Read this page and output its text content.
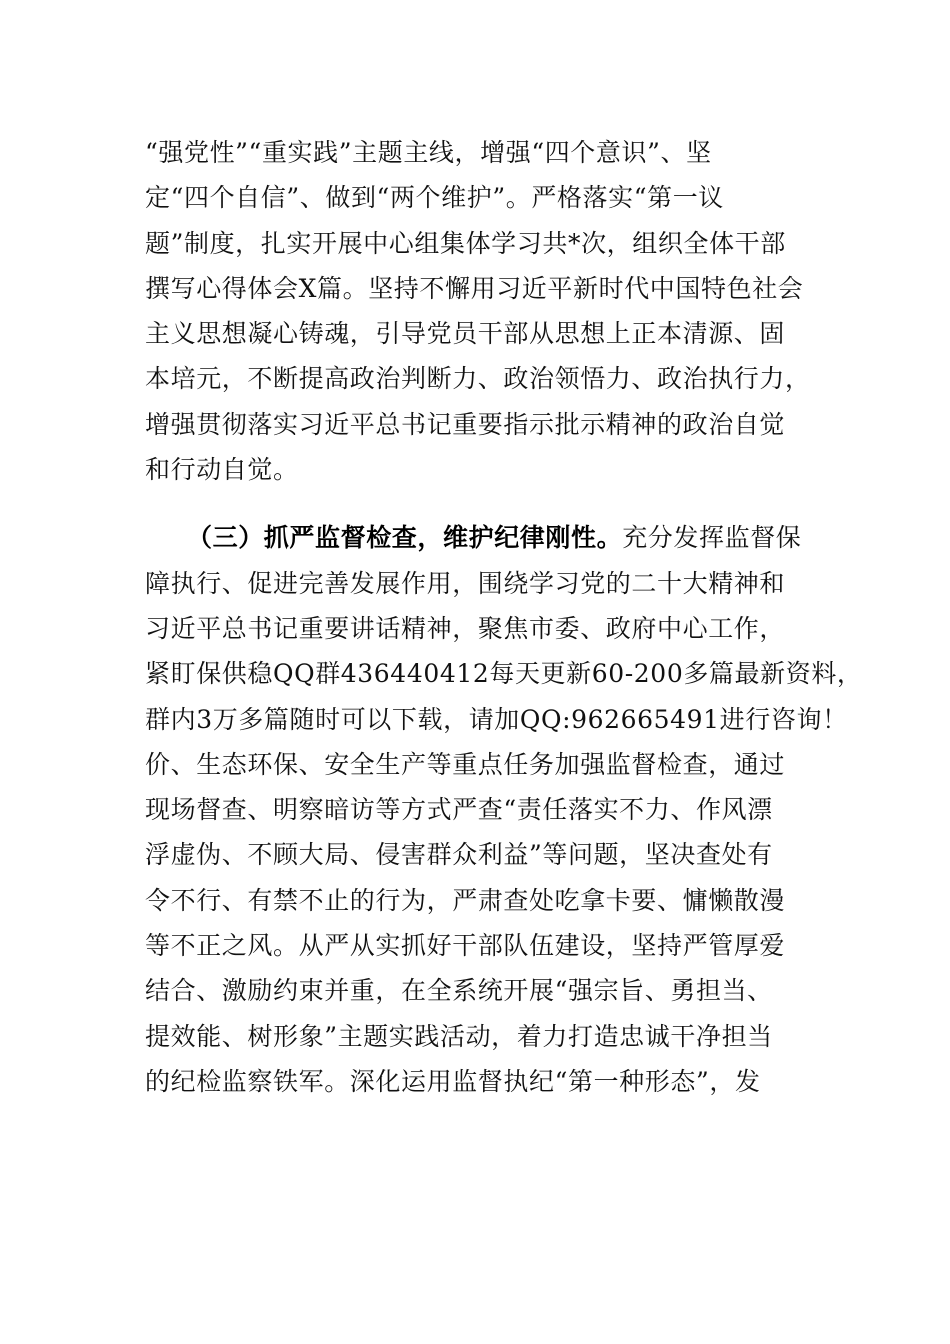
“强党性”“重实践”主题主线，增强“四个意识”、坚
定“四个自信”、做到“两个维护”。严格落实“第一议
题”制度，扎实开展中心组集体学习共*次，组织全体干部
撰写心得体会X篇。坚持不懈用习近平新时代中国特色社会
主义思想凝心铸魂，引导党员干部从思想上正本清源、固
本培元，不断提高政治判断力、政治领悟力、政治执行力，
增强贯彻落实习近平总书记重要指示批示精神的政治自觉
和行动自觉。
（三）抓严监督检查，维护纪律刚性。充分发挥监督保
障执行、促进完善发展作用，围绕学习党的二十大精神和
习近平总书记重要讲话精神，聚焦市委、政府中心工作，
紧盯保供稳QQ群436440412每天更新60-200多篇最新资料，
群内3万多篇随时可以下载，请加QQ:962665491进行咨询！
价、生态环保、安全生产等重点任务加强监督检查，通过
现场督查、明察暗访等方式严查“责任落实不力、作风漂
浮虚伪、不顾大局、侵害群众利益”等问题，坚决查处有
令不行、有禁不止的行为，严肃查处吃拿卡要、慵懒散漫
等不正之风。从严从实抓好干部队伍建设，坚持严管厚爱
结合、激励约束并重，在全系统开展“强宗旨、勇担当、
提效能、树形象”主题实践活动，着力打造忠诚干净担当
的纪检监察铁军。深化运用监督执纪“第一种形态”，发
